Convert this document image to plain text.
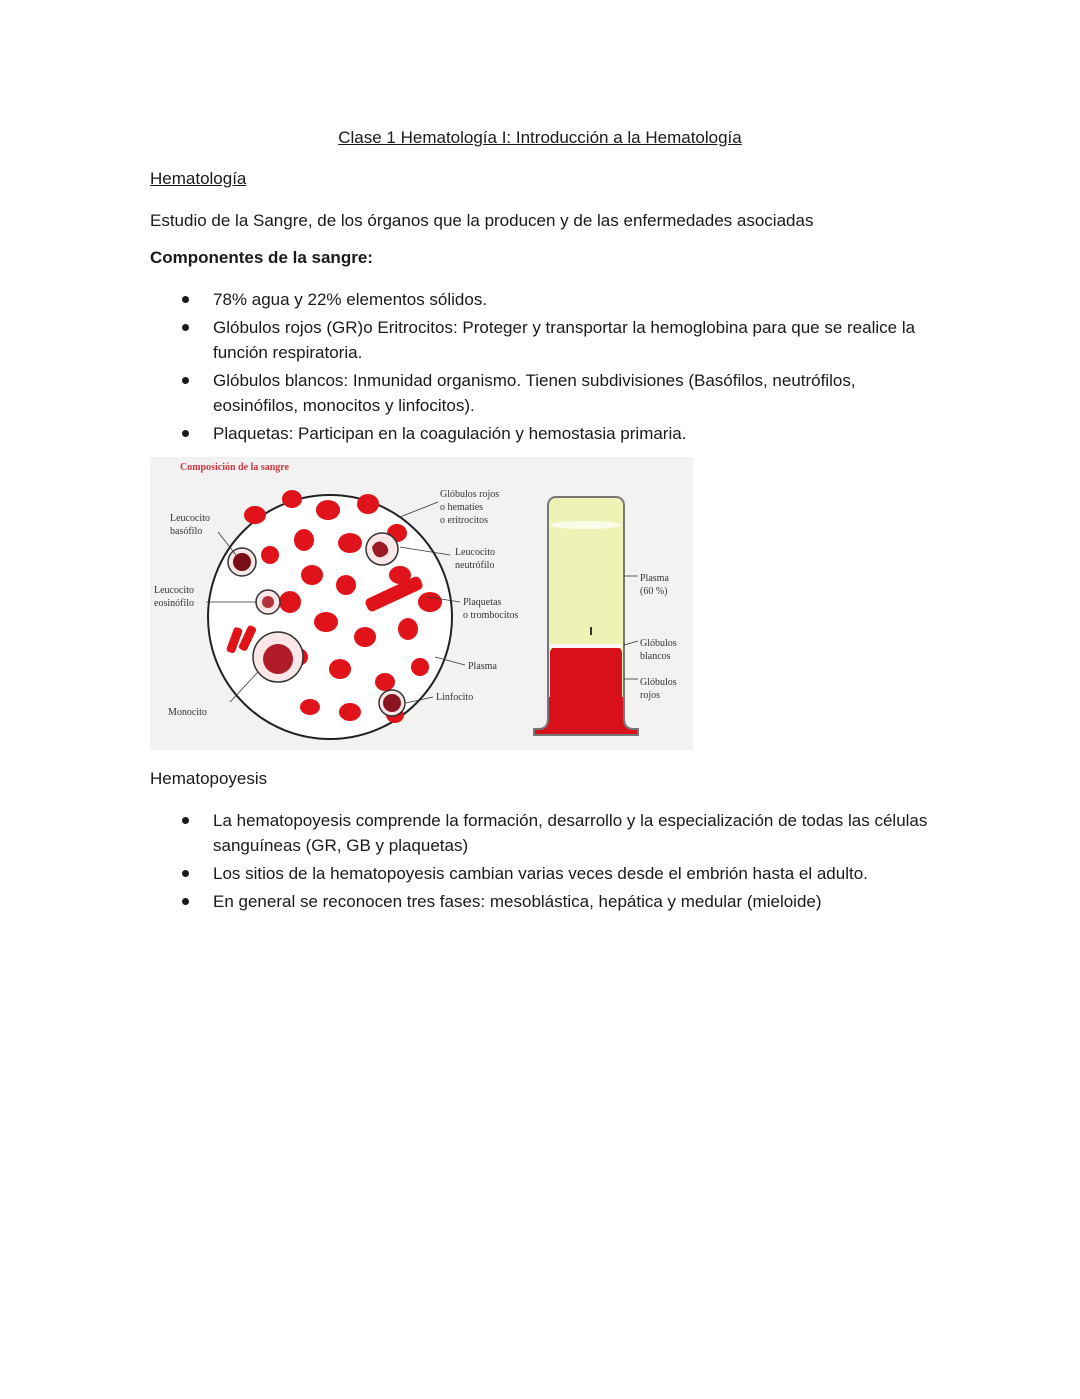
Clase 1 Hematología I: Introducción a la Hematología
Hematología
Estudio de la Sangre, de los órganos que la producen y de las enfermedades asociadas
Componentes de la sangre:
78% agua y 22% elementos sólidos.
Glóbulos rojos (GR)o Eritrocitos: Proteger y transportar la hemoglobina para que se realice la función respiratoria.
Glóbulos blancos: Inmunidad organismo. Tienen subdivisiones (Basófilos, neutrófilos, eosinófilos, monocitos y linfocitos).
Plaquetas: Participan en la coagulación y hemostasia primaria.
Composición de la sangre
Leucocito
basófilo
Leucocito
eosinófilo
Monocito
Glóbulos rojos
o hematíes
o eritrocitos
Leucocito
neutrófilo
Plaquetas
o trombocitos
Plasma
Linfocito
Plasma
(60 %)
Glóbulos
blancos
Glóbulos
rojos
Hematopoyesis
La hematopoyesis comprende la formación, desarrollo y la especialización de todas las células sanguíneas (GR, GB y plaquetas)
Los sitios de la hematopoyesis cambian varias veces desde el embrión hasta el adulto.
En general se reconocen tres fases: mesoblástica, hepática y medular (mieloide)
